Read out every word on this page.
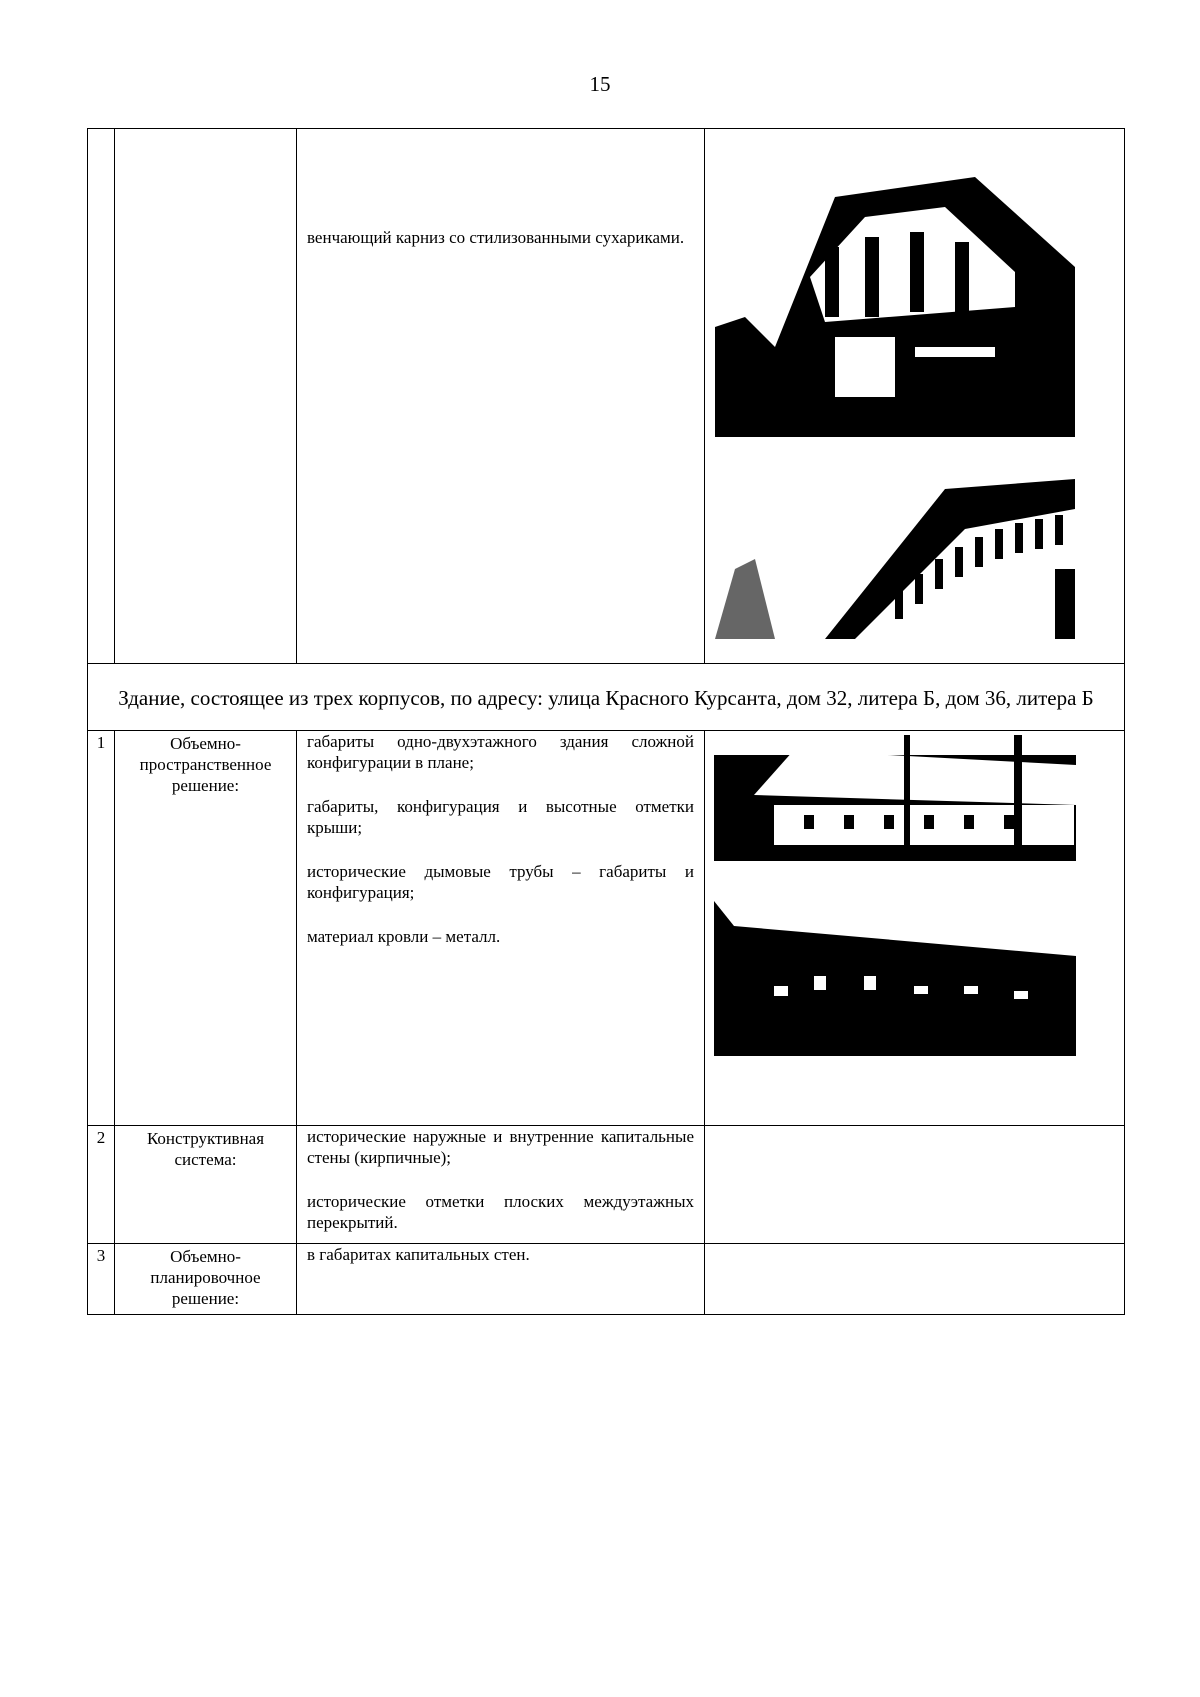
15

		венчающий карниз со стилизованными сухариками.

Здание, состоящее из трех корпусов, по адресу: улица Красного Курсанта, дом 32, литера Б, дом 36, литера Б			
1	Объемно-пространственное решение:	габариты одно-двухэтажного здания сложной конфигурации в плане;

габариты, конфигурация и высотные отметки крыши;

исторические дымовые трубы – габариты и конфигурация;

материал кровли – металл.

2	Конструктивная система:	исторические наружные и внутренние капитальные стены (кирпичные);

исторические отметки плоских междуэтажных перекрытий.	

3	Объемно-планировочное решение:	в габаритах капитальных стен.	
